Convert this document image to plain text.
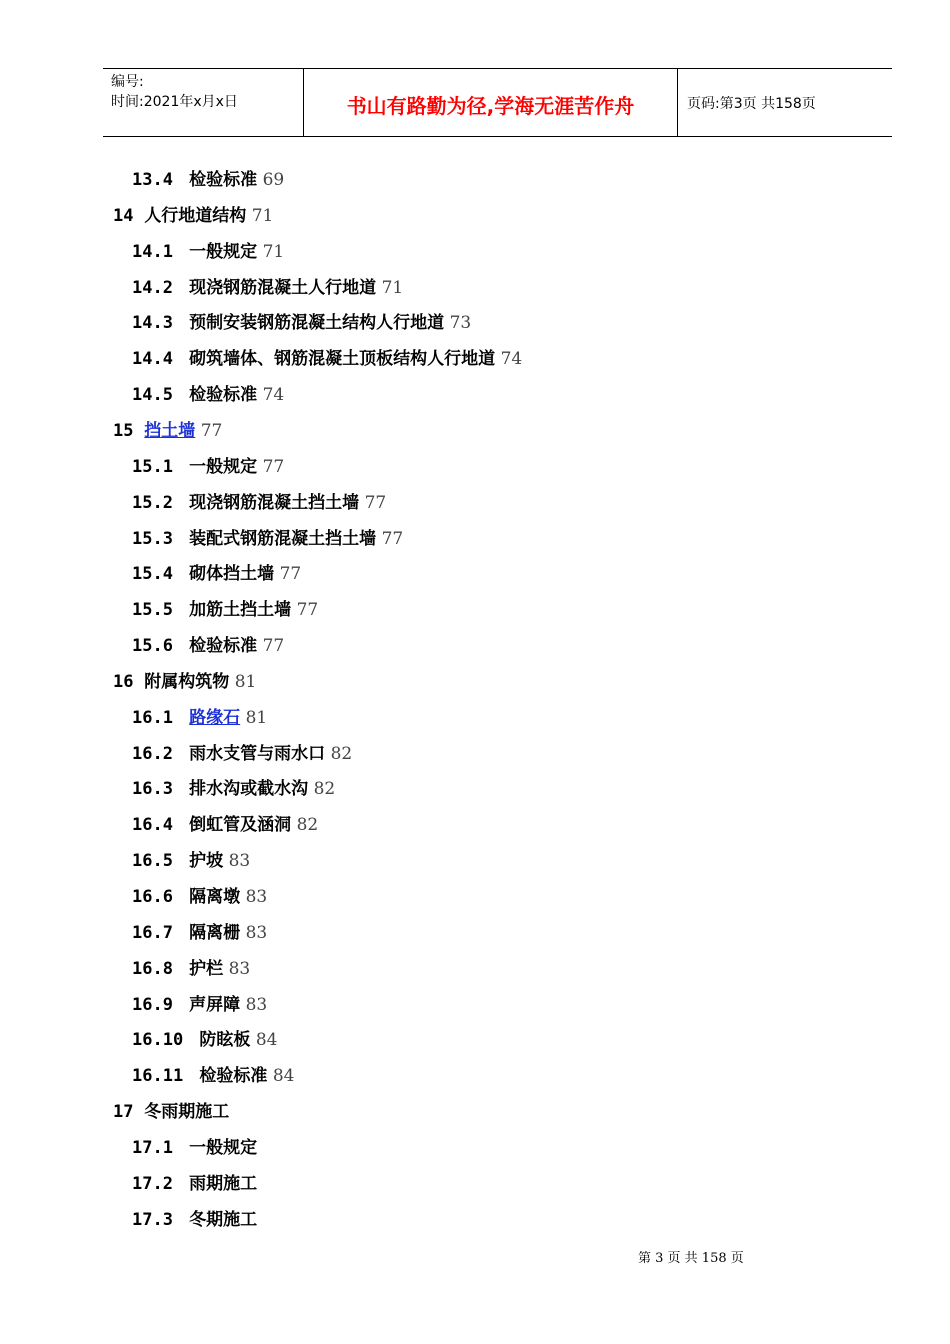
编号:
时间:2021年x月x日	书山有路勤为径,学海无涯苦作舟	页码:第3页 共158页
13.4 检验标准 69
14 人行地道结构 71
14.1 一般规定 71
14.2 现浇钢筋混凝土人行地道 71
14.3 预制安装钢筋混凝土结构人行地道 73
14.4 砌筑墙体、钢筋混凝土顶板结构人行地道 74
14.5 检验标准 74
15 挡土墙 77
15.1 一般规定 77
15.2 现浇钢筋混凝土挡土墙 77
15.3 装配式钢筋混凝土挡土墙 77
15.4 砌体挡土墙 77
15.5 加筋土挡土墙 77
15.6 检验标准 77
16 附属构筑物 81
16.1 路缘石 81
16.2 雨水支管与雨水口 82
16.3 排水沟或截水沟 82
16.4 倒虹管及涵洞 82
16.5 护坡 83
16.6 隔离墩 83
16.7 隔离栅 83
16.8 护栏 83
16.9 声屏障 83
16.10 防眩板 84
16.11 检验标准 84
17 冬雨期施工
17.1 一般规定
17.2 雨期施工
17.3 冬期施工
第 3 页 共 158 页
